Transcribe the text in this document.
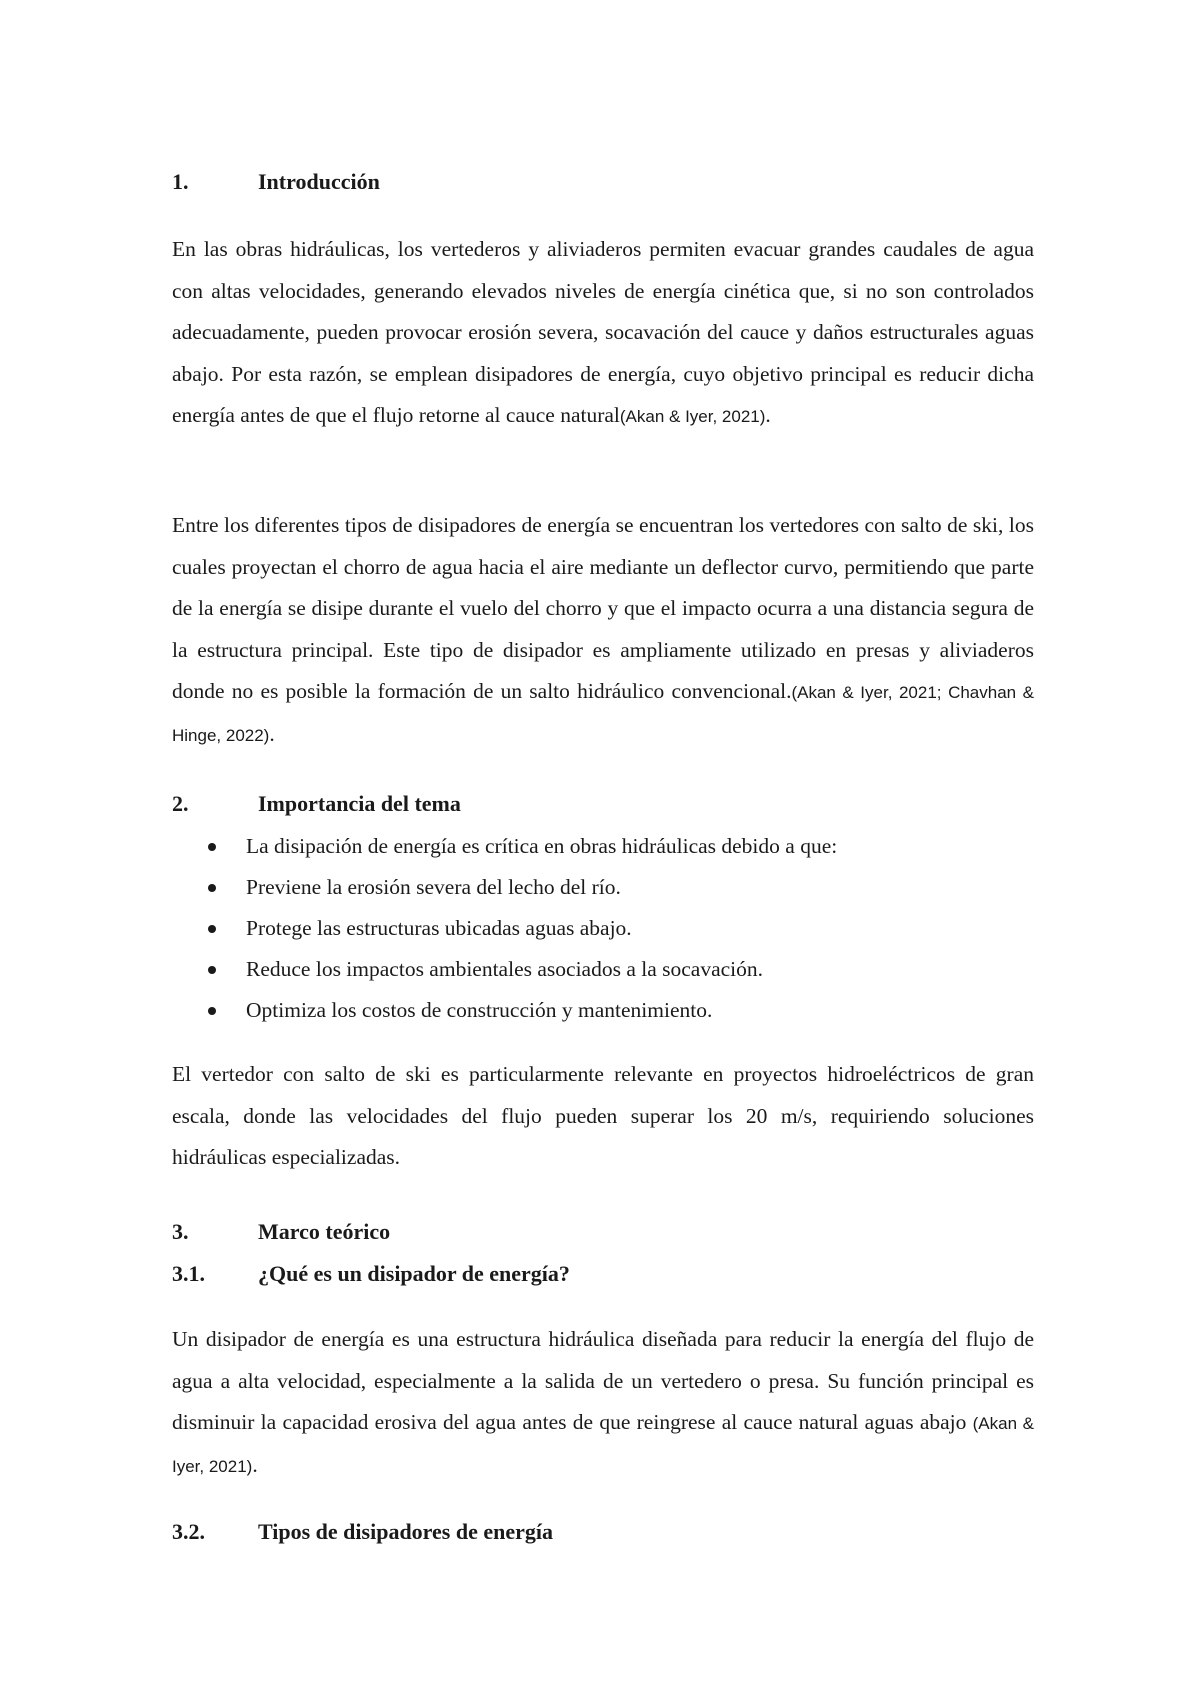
1.	Introducción

En las obras hidráulicas, los vertederos y aliviaderos permiten evacuar grandes caudales de agua con altas velocidades, generando elevados niveles de energía cinética que, si no son controlados adecuadamente, pueden provocar erosión severa, socavación del cauce y daños estructurales aguas abajo. Por esta razón, se emplean disipadores de energía, cuyo objetivo principal es reducir dicha energía antes de que el flujo retorne al cauce natural(Akan & Iyer, 2021).

Entre los diferentes tipos de disipadores de energía se encuentran los vertedores con salto de ski, los cuales proyectan el chorro de agua hacia el aire mediante un deflector curvo, permitiendo que parte de la energía se disipe durante el vuelo del chorro y que el impacto ocurra a una distancia segura de la estructura principal. Este tipo de disipador es ampliamente utilizado en presas y aliviaderos donde no es posible la formación de un salto hidráulico convencional.(Akan & Iyer, 2021; Chavhan & Hinge, 2022).

2.	Importancia del tema
La disipación de energía es crítica en obras hidráulicas debido a que:
Previene la erosión severa del lecho del río.
Protege las estructuras ubicadas aguas abajo.
Reduce los impactos ambientales asociados a la socavación.
Optimiza los costos de construcción y mantenimiento.

El vertedor con salto de ski es particularmente relevante en proyectos hidroeléctricos de gran escala, donde las velocidades del flujo pueden superar los 20 m/s, requiriendo soluciones hidráulicas especializadas.

3.	Marco teórico
3.1. ¿Qué es un disipador de energía?

Un disipador de energía es una estructura hidráulica diseñada para reducir la energía del flujo de agua a alta velocidad, especialmente a la salida de un vertedero o presa. Su función principal es disminuir la capacidad erosiva del agua antes de que reingrese al cauce natural aguas abajo (Akan & Iyer, 2021).

3.2. Tipos de disipadores de energía
